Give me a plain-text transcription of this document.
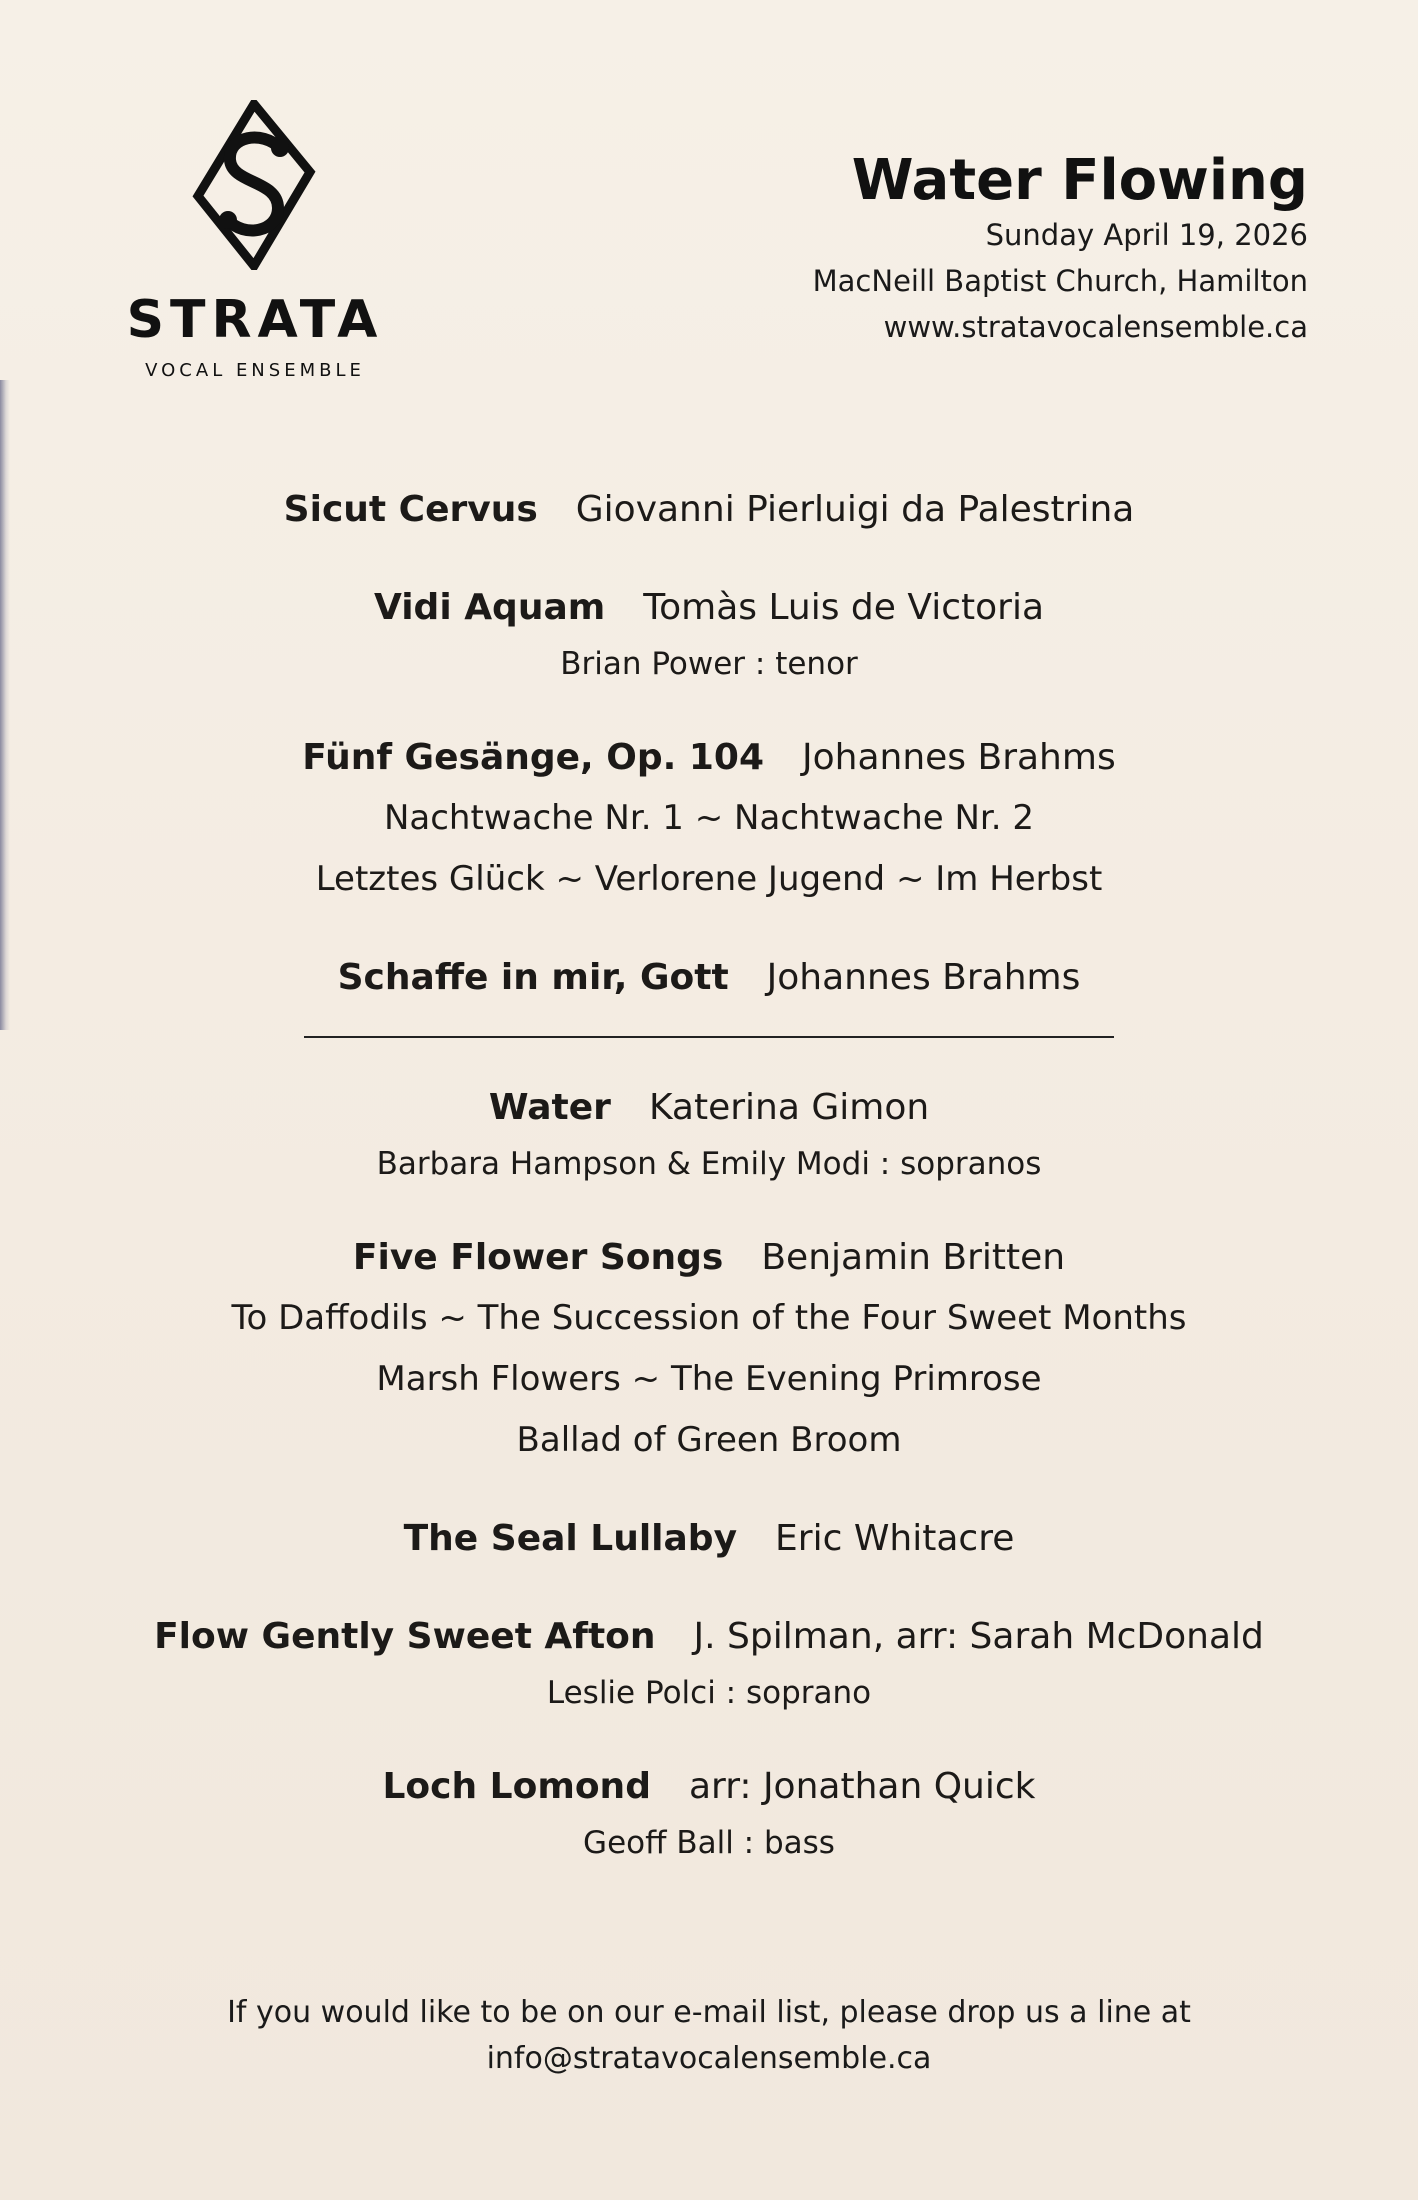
STRATA
VOCAL ENSEMBLE
Water Flowing
Sunday April 19, 2026
MacNeill Baptist Church, Hamilton
www.stratavocalensemble.ca
Sicut Cervus Giovanni Pierluigi da Palestrina
Vidi Aquam Tomàs Luis de Victoria
Brian Power : tenor
Fünf Gesänge, Op. 104 Johannes Brahms
Nachtwache Nr. 1 ~ Nachtwache Nr. 2
Letztes Glück ~ Verlorene Jugend ~ Im Herbst
Schaffe in mir, Gott Johannes Brahms
Water Katerina Gimon
Barbara Hampson & Emily Modi : sopranos
Five Flower Songs Benjamin Britten
To Daffodils ~ The Succession of the Four Sweet Months
Marsh Flowers ~ The Evening Primrose
Ballad of Green Broom
The Seal Lullaby Eric Whitacre
Flow Gently Sweet Afton J. Spilman, arr: Sarah McDonald
Leslie Polci : soprano
Loch Lomond arr: Jonathan Quick
Geoff Ball : bass
If you would like to be on our e-mail list, please drop us a line at
info@stratavocalensemble.ca
